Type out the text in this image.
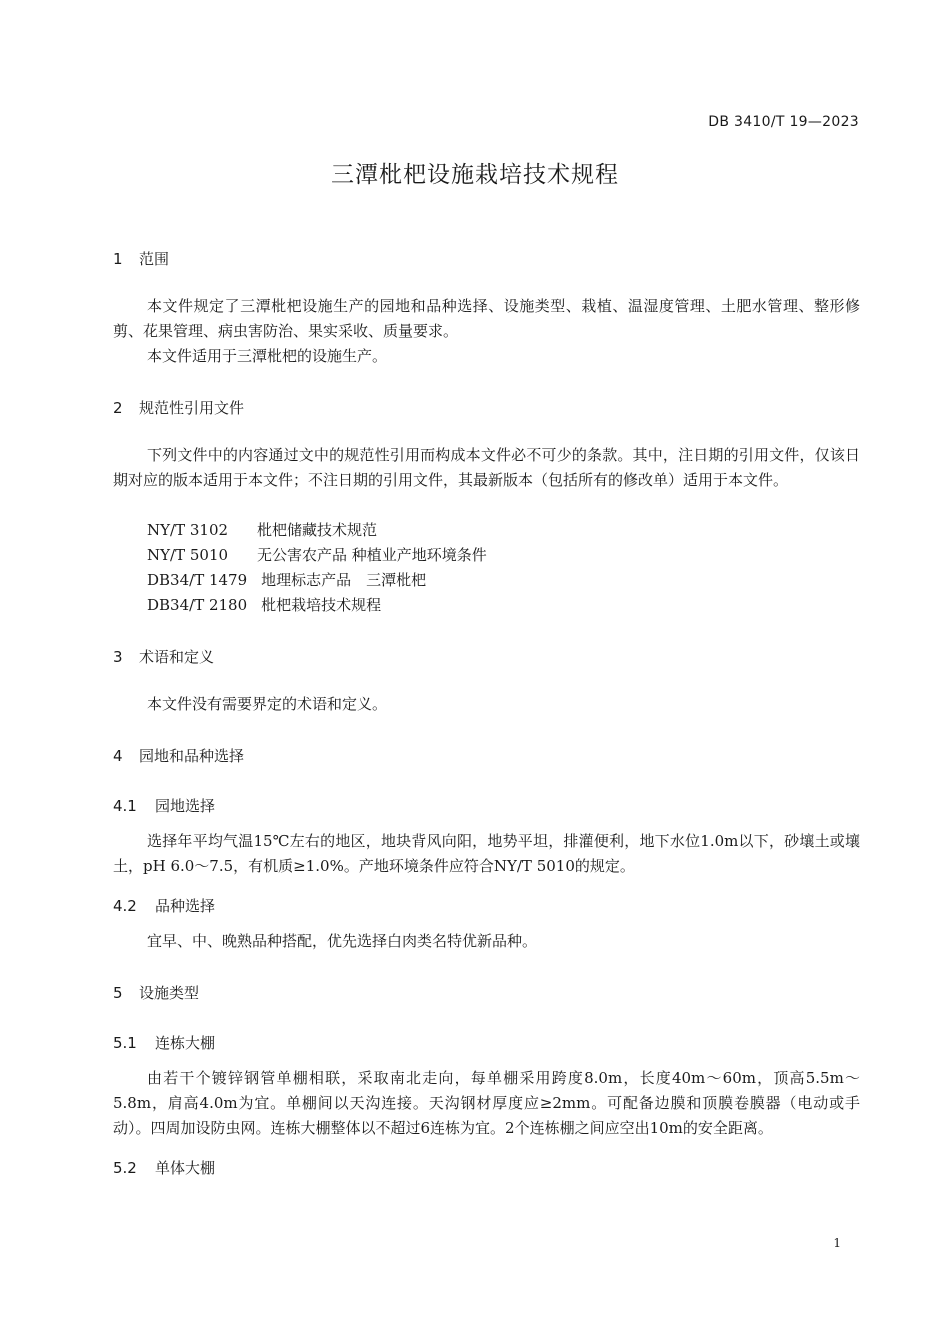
DB 3410/T 19—2023
三潭枇杷设施栽培技术规程
1 范围
本文件规定了三潭枇杷设施生产的园地和品种选择、设施类型、栽植、温湿度管理、土肥水管理、整形修剪、花果管理、病虫害防治、果实采收、质量要求。
本文件适用于三潭枇杷的设施生产。
2 规范性引用文件
下列文件中的内容通过文中的规范性引用而构成本文件必不可少的条款。其中，注日期的引用文件，仅该日期对应的版本适用于本文件；不注日期的引用文件，其最新版本（包括所有的修改单）适用于本文件。
NY/T 3102 枇杷储藏技术规范
NY/T 5010 无公害农产品 种植业产地环境条件
DB34/T 1479 地理标志产品　三潭枇杷
DB34/T 2180 枇杷栽培技术规程
3 术语和定义
本文件没有需要界定的术语和定义。
4 园地和品种选择
4.1 园地选择
选择年平均气温15℃左右的地区，地块背风向阳，地势平坦，排灌便利，地下水位1.0m以下，砂壤土或壤土，pH 6.0～7.5，有机质≥1.0%。产地环境条件应符合NY/T 5010的规定。
4.2 品种选择
宜早、中、晚熟品种搭配，优先选择白肉类名特优新品种。
5 设施类型
5.1 连栋大棚
由若干个镀锌钢管单棚相联，采取南北走向，每单棚采用跨度8.0m，长度40m～60m，顶高5.5m～5.8m，肩高4.0m为宜。单棚间以天沟连接。天沟钢材厚度应≥2mm。可配备边膜和顶膜卷膜器（电动或手动）。四周加设防虫网。连栋大棚整体以不超过6连栋为宜。2个连栋棚之间应空出10m的安全距离。
5.2 单体大棚
1
